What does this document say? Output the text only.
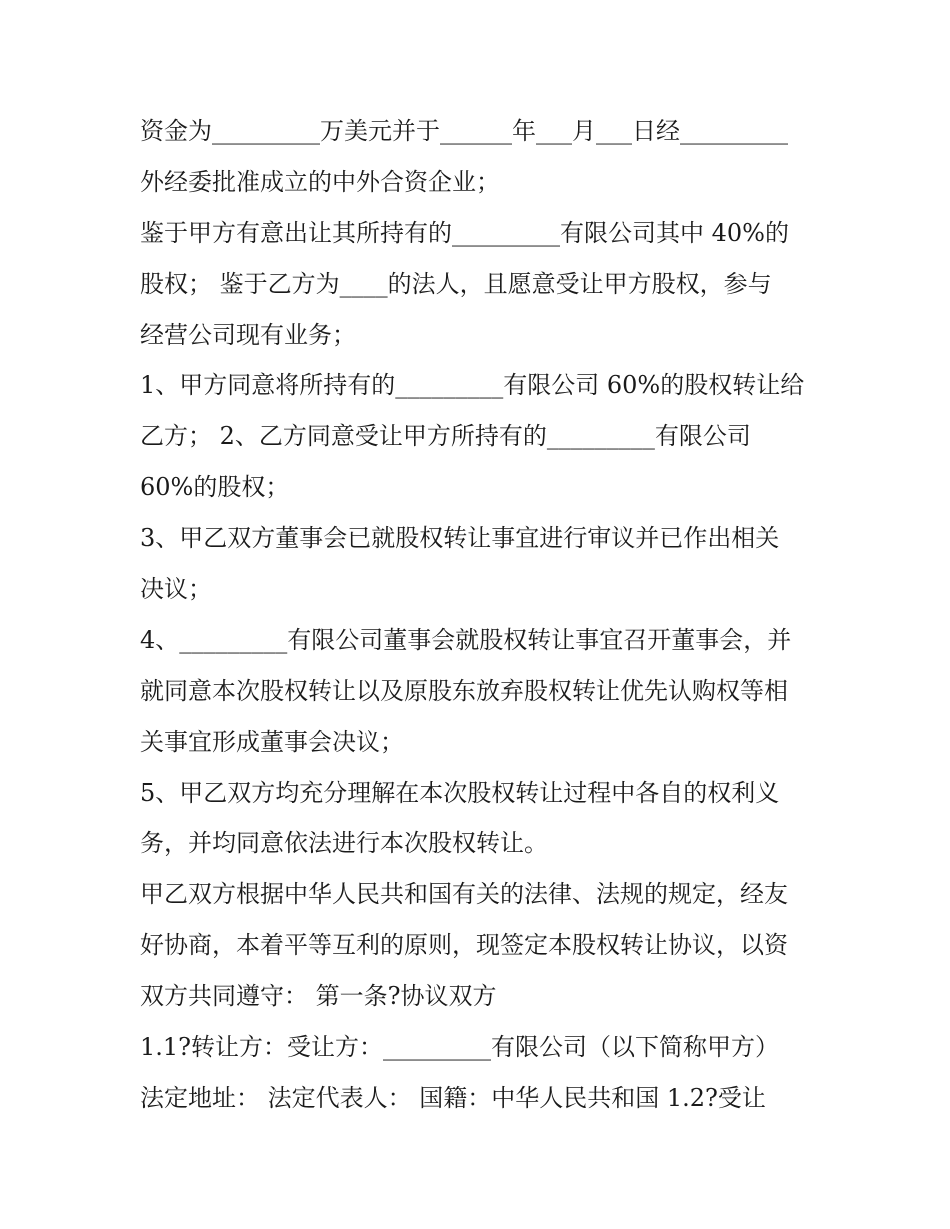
资金为_________万美元并于______年___月___日经_________
外经委批准成立的中外合资企业；
鉴于甲方有意出让其所持有的_________有限公司其中 40%的
股权； 鉴于乙方为____的法人，且愿意受让甲方股权，参与
经营公司现有业务；
1、甲方同意将所持有的_________有限公司 60%的股权转让给
乙方； 2、乙方同意受让甲方所持有的_________有限公司
60%的股权；
3、甲乙双方董事会已就股权转让事宜进行审议并已作出相关
决议；
4、_________有限公司董事会就股权转让事宜召开董事会，并
就同意本次股权转让以及原股东放弃股权转让优先认购权等相
关事宜形成董事会决议；
5、甲乙双方均充分理解在本次股权转让过程中各自的权利义
务，并均同意依法进行本次股权转让。
甲乙双方根据中华人民共和国有关的法律、法规的规定，经友
好协商，本着平等互利的原则，现签定本股权转让协议，以资
双方共同遵守： 第一条?协议双方
1.1?转让方：受让方：_________有限公司（以下简称甲方）
法定地址： 法定代表人： 国籍：中华人民共和国 1.2?受让
